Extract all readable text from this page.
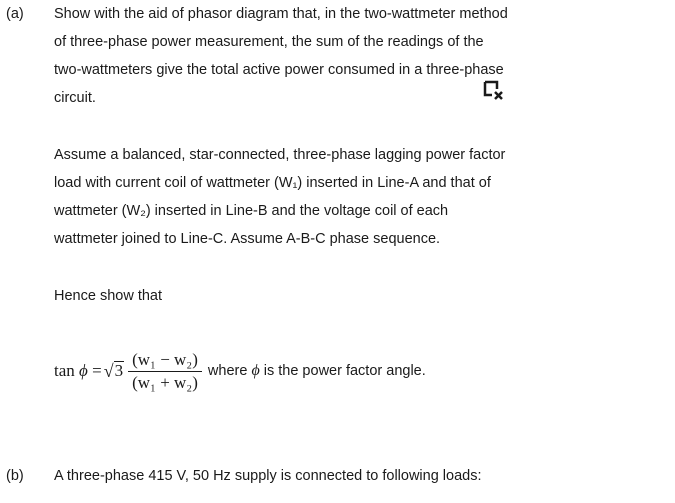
(a) Show with the aid of phasor diagram that, in the two-wattmeter method

of three-phase power measurement, the sum of the readings of the

two-wattmeters give the total active power consumed in a three-phase

circuit.

Assume a balanced, star-connected, three-phase lagging power factor

load with current coil of wattmeter (W₁) inserted in Line-A and that of

wattmeter (W₂) inserted in Line-B and the voltage coil of each

wattmeter joined to Line-C. Assume A-B-C phase sequence.

Hence show that
tan
ϕ
= √ $3 \frac{\text{(w₁ − w₂)}}{\text{(w₁ + w₂)}}$ where ϕ is the power factor angle.
(b) A three-phase 415 V, 50 Hz supply is connected to following loads:
